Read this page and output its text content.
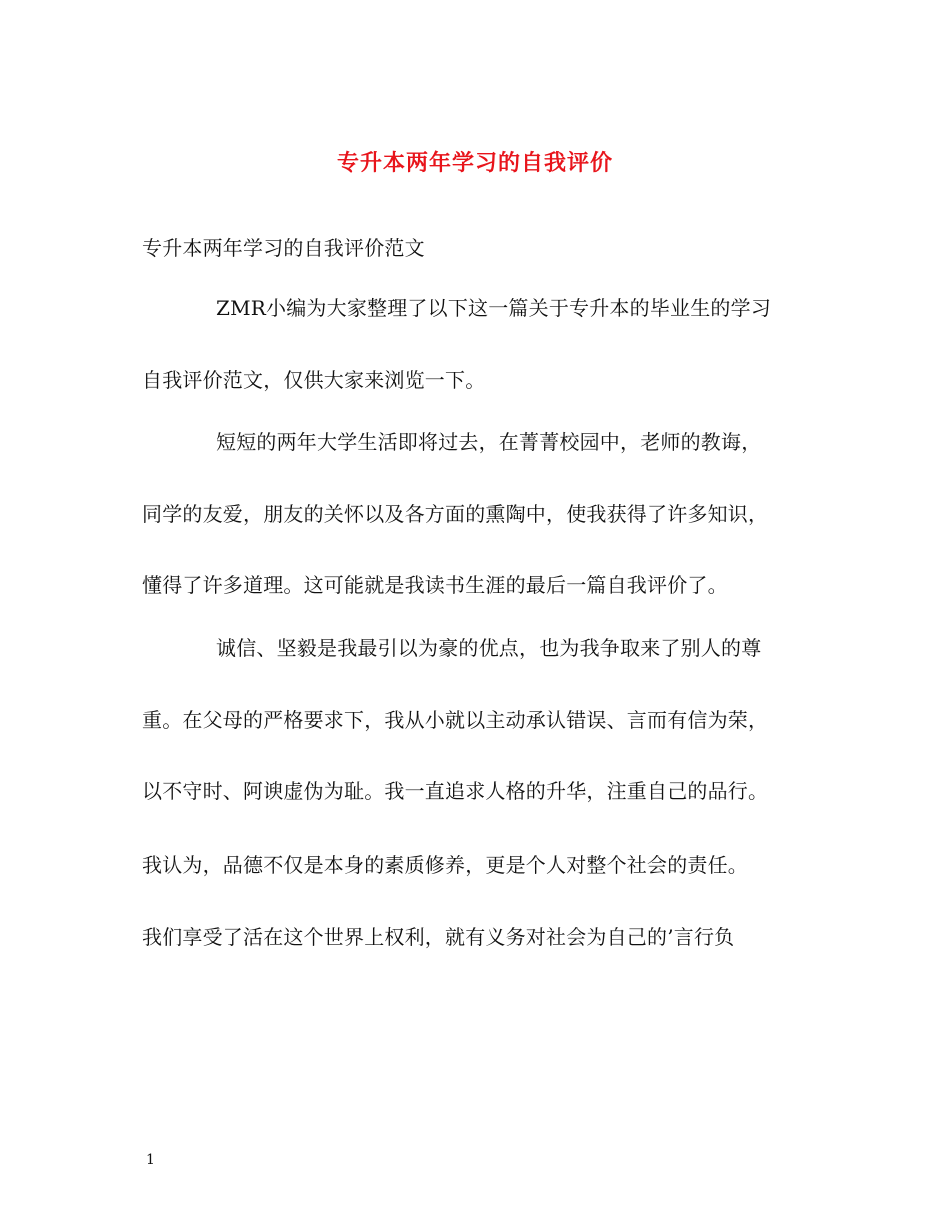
专升本两年学习的自我评价
专升本两年学习的自我评价范文
ZMR小编为大家整理了以下这一篇关于专升本的毕业生的学习
自我评价范文，仅供大家来浏览一下。
短短的两年大学生活即将过去，在菁菁校园中，老师的教诲，
同学的友爱，朋友的关怀以及各方面的熏陶中，使我获得了许多知识，
懂得了许多道理。这可能就是我读书生涯的最后一篇自我评价了。
诚信、坚毅是我最引以为豪的优点，也为我争取来了别人的尊
重。在父母的严格要求下，我从小就以主动承认错误、言而有信为荣，
以不守时、阿谀虚伪为耻。我一直追求人格的升华，注重自己的品行。
我认为，品德不仅是本身的素质修养，更是个人对整个社会的责任。
我们享受了活在这个世界上权利，就有义务对社会为自己的’言行负
1
